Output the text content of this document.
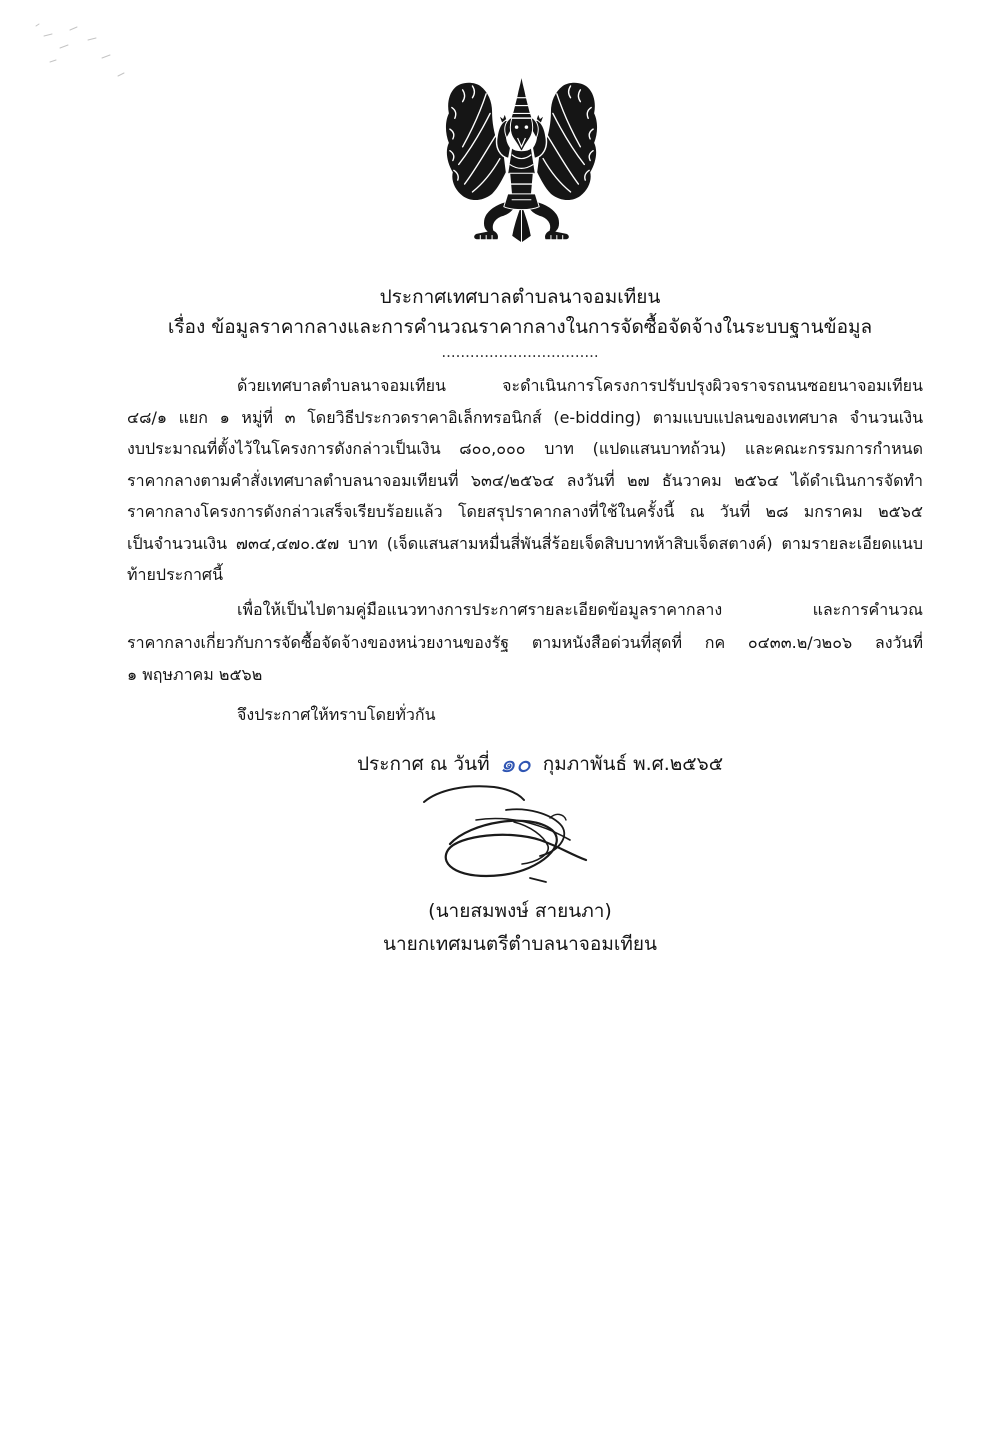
ประกาศเทศบาลตำบลนาจอมเทียน
เรื่อง ข้อมูลราคากลางและการคำนวณราคากลางในการจัดซื้อจัดจ้างในระบบฐานข้อมูล
.................................
ด้วยเทศบาลตำบลนาจอมเทียน จะดำเนินการโครงการปรับปรุงผิวจราจรถนนซอยนาจอมเทียน
๔๘/๑ แยก ๑ หมู่ที่ ๓ โดยวิธีประกวดราคาอิเล็กทรอนิกส์ (e-bidding) ตามแบบแปลนของเทศบาล จำนวนเงิน
งบประมาณที่ตั้งไว้ในโครงการดังกล่าวเป็นเงิน ๘๐๐,๐๐๐ บาท (แปดแสนบาทถ้วน) และคณะกรรมการกำหนด
ราคากลางตามคำสั่งเทศบาลตำบลนาจอมเทียนที่ ๖๓๔/๒๕๖๔ ลงวันที่ ๒๗ ธันวาคม ๒๕๖๔ ได้ดำเนินการจัดทำ
ราคากลางโครงการดังกล่าวเสร็จเรียบร้อยแล้ว โดยสรุปราคากลางที่ใช้ในครั้งนี้ ณ วันที่ ๒๘ มกราคม ๒๕๖๕
เป็นจำนวนเงิน ๗๓๔,๔๗๐.๕๗ บาท (เจ็ดแสนสามหมื่นสี่พันสี่ร้อยเจ็ดสิบบาทห้าสิบเจ็ดสตางค์) ตามรายละเอียดแนบ
ท้ายประกาศนี้
เพื่อให้เป็นไปตามคู่มือแนวทางการประกาศรายละเอียดข้อมูลราคากลาง และการคำนวณ
ราคากลางเกี่ยวกับการจัดซื้อจัดจ้างของหน่วยงานของรัฐ ตามหนังสือด่วนที่สุดที่ กค ๐๔๓๓.๒/ว๒๐๖ ลงวันที่
๑ พฤษภาคม ๒๕๖๒
จึงประกาศให้ทราบโดยทั่วกัน
ประกาศ ณ วันที่ ๑๐ กุมภาพันธ์ พ.ศ.๒๕๖๕
(นายสมพงษ์ สายนภา)
นายกเทศมนตรีตำบลนาจอมเทียน
